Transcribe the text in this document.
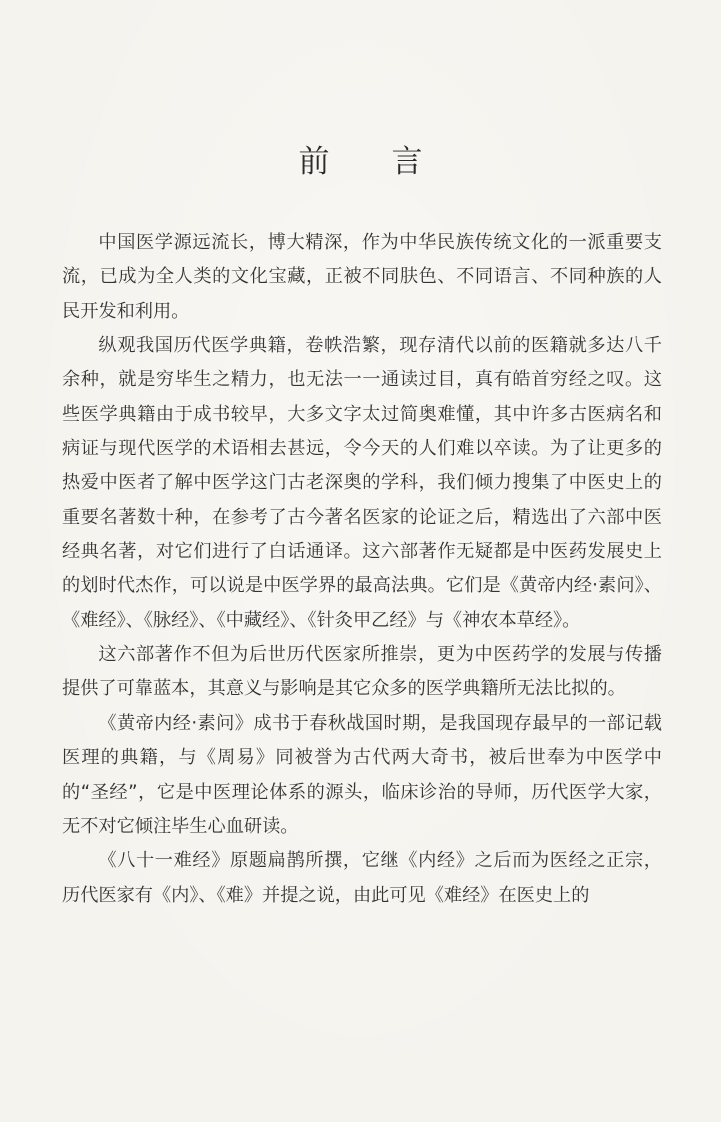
前言

中国医学源远流长，博大精深，作为中华民族传统文化的一派重要支流，已成为全人类的文化宝藏，正被不同肤色、不同语言、不同种族的人民开发和利用。

纵观我国历代医学典籍，卷帙浩繁，现存清代以前的医籍就多达八千余种，就是穷毕生之精力，也无法一一通读过目，真有皓首穷经之叹。这些医学典籍由于成书较早，大多文字太过简奥难懂，其中许多古医病名和病证与现代医学的术语相去甚远，令今天的人们难以卒读。为了让更多的热爱中医者了解中医学这门古老深奥的学科，我们倾力搜集了中医史上的重要名著数十种，在参考了古今著名医家的论证之后，精选出了六部中医经典名著，对它们进行了白话通译。这六部著作无疑都是中医药发展史上的划时代杰作，可以说是中医学界的最高法典。它们是《黄帝内经·素问》、《难经》、《脉经》、《中藏经》、《针灸甲乙经》与《神农本草经》。

这六部著作不但为后世历代医家所推崇，更为中医药学的发展与传播提供了可靠蓝本，其意义与影响是其它众多的医学典籍所无法比拟的。

《黄帝内经·素问》成书于春秋战国时期，是我国现存最早的一部记载医理的典籍，与《周易》同被誉为古代两大奇书，被后世奉为中医学中的“圣经”，它是中医理论体系的源头，临床诊治的导师，历代医学大家，无不对它倾注毕生心血研读。

《八十一难经》原题扁鹊所撰，它继《内经》之后而为医经之正宗，历代医家有《内》、《难》并提之说，由此可见《难经》在医史上的
